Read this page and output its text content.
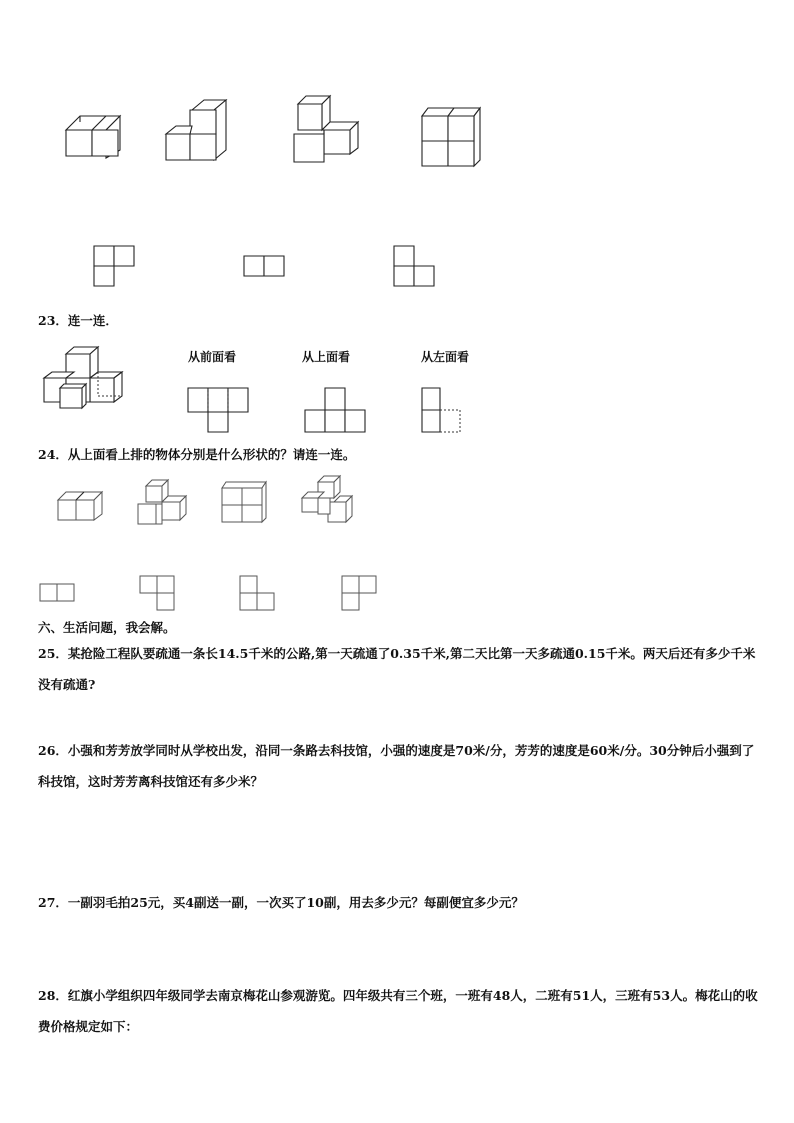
23．连一连．
从前面看	从上面看	从左面看
24．从上面看上排的物体分别是什么形状的？请连一连。
六、生活问题，我会解。
25．某抢险工程队要疏通一条长14.5千米的公路,第一天疏通了0.35千米,第二天比第一天多疏通0.15千米。两天后还有多少千米没有疏通?
26．小强和芳芳放学同时从学校出发，沿同一条路去科技馆，小强的速度是70米/分，芳芳的速度是60米/分。30分钟后小强到了科技馆，这时芳芳离科技馆还有多少米？
27．一副羽毛拍25元，买4副送一副，一次买了10副，用去多少元？每副便宜多少元？
28．红旗小学组织四年级同学去南京梅花山参观游览。四年级共有三个班，一班有48人，二班有51人，三班有53人。梅花山的收费价格规定如下：
